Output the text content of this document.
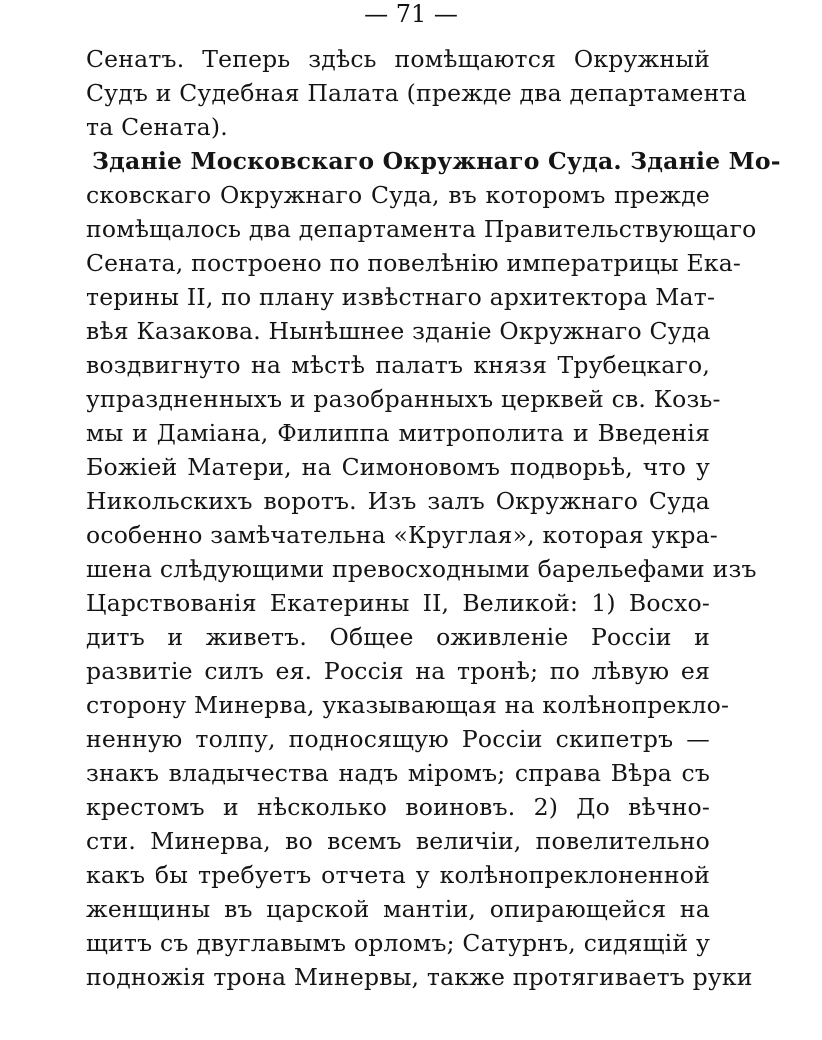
— 71 —
Сенатъ. Теперь здѣсь помѣщаются Окружный
Судъ и Судебная Палата (прежде два департамента
та Сената).
Зданіе Московскаго Окружнаго Суда. Зданіе Мо-
сковскаго Окружнаго Суда, въ которомъ прежде
помѣщалось два департамента Правительствующаго
Сената, построено по повелѣнію императрицы Ека-
терины II, по плану извѣстнаго архитектора Мат-
вѣя Казакова. Нынѣшнее зданіе Окружнаго Суда
воздвигнуто на мѣстѣ палатъ князя Трубецкаго,
упраздненныхъ и разобранныхъ церквей св. Козь-
мы и Даміана, Филиппа митрополита и Введенія
Божіей Матери, на Симоновомъ подворьѣ, что у
Никольскихъ воротъ. Изъ залъ Окружнаго Суда
особенно замѣчательна «Круглая», которая укра-
шена слѣдующими превосходными барельефами изъ
Царствованія Екатерины II, Великой: 1) Восхо-
дитъ и живетъ. Общее оживленіе Россіи и
развитіе силъ ея. Россія на тронѣ; по лѣвую ея
сторону Минерва, указывающая на колѣнопрекло-
ненную толпу, подносящую Россіи скипетръ —
знакъ владычества надъ міромъ; справа Вѣра съ
крестомъ и нѣсколько воиновъ. 2) До вѣчно-
сти. Минерва, во всемъ величіи, повелительно
какъ бы требуетъ отчета у колѣнопреклоненной
женщины въ царской мантіи, опирающейся на
щитъ съ двуглавымъ орломъ; Сатурнъ, сидящій у
подножія трона Минервы, также протягиваетъ руки
